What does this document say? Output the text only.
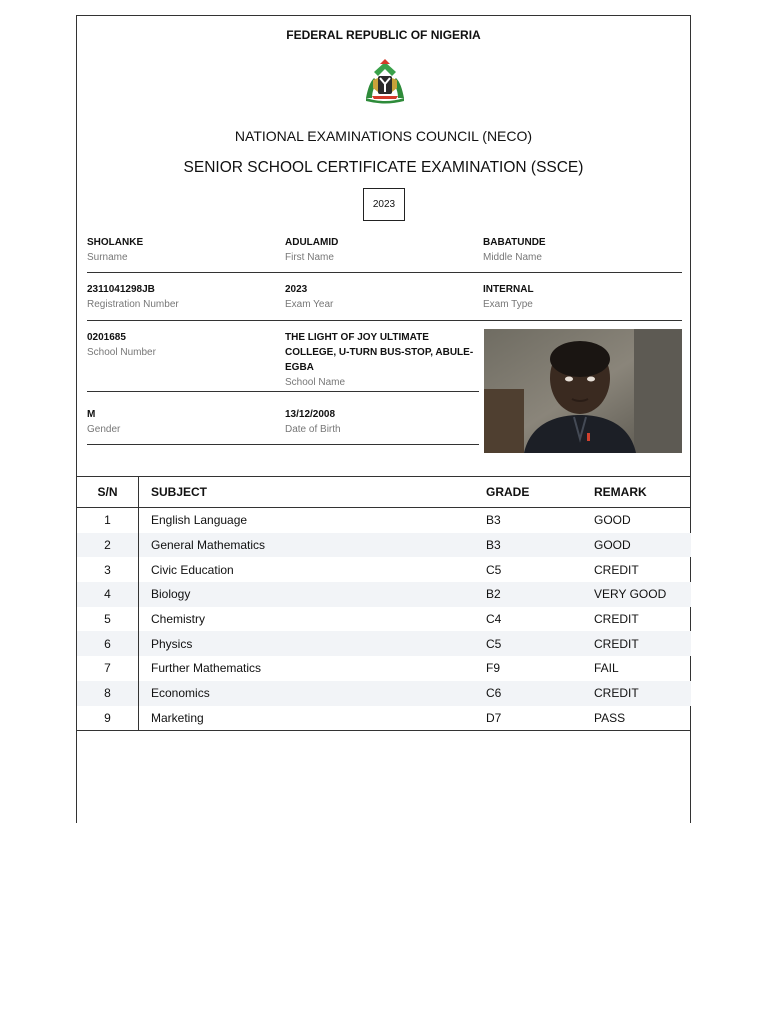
FEDERAL REPUBLIC OF NIGERIA
NATIONAL EXAMINATIONS COUNCIL (NECO)
SENIOR SCHOOL CERTIFICATE EXAMINATION (SSCE)
2023
SHOLANKE
Surname
ADULAMID
First Name
BABATUNDE
Middle Name
2311041298JB
Registration Number
2023
Exam Year
INTERNAL
Exam Type
0201685
School Number
THE LIGHT OF JOY ULTIMATE COLLEGE, U-TURN BUS-STOP, ABULE-EGBA
School Name
M
Gender
13/12/2008
Date of Birth
S/N	SUBJECT	GRADE	REMARK
1	English Language	B3	GOOD
2	General Mathematics	B3	GOOD
3	Civic Education	C5	CREDIT
4	Biology	B2	VERY GOOD
5	Chemistry	C4	CREDIT
6	Physics	C5	CREDIT
7	Further Mathematics	F9	FAIL
8	Economics	C6	CREDIT
9	Marketing	D7	PASS
